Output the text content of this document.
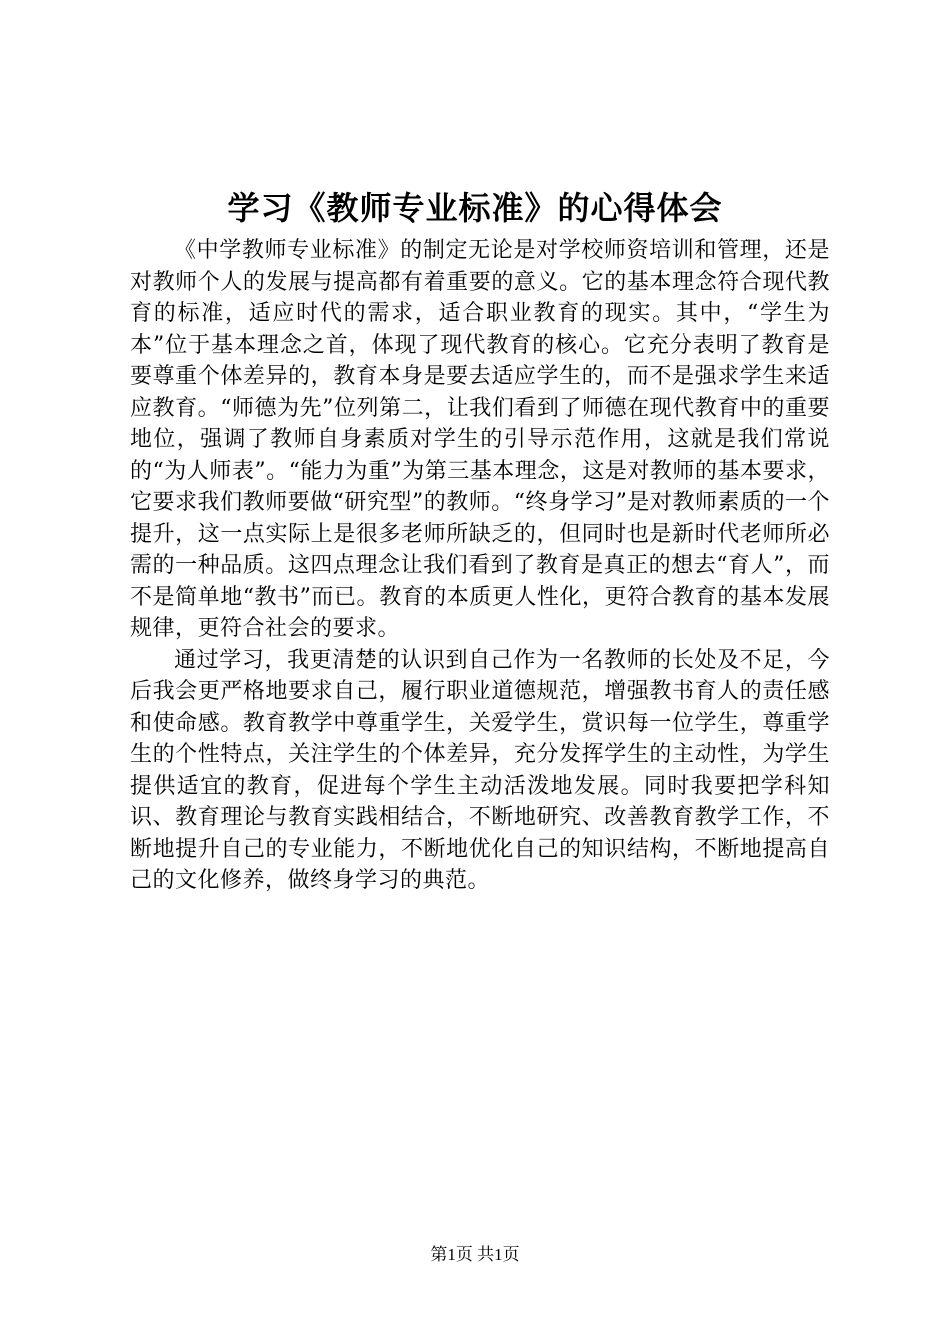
学习《教师专业标准》的心得体会

《中学教师专业标准》的制定无论是对学校师资培训和管理，还是对教师个人的发展与提高都有着重要的意义。它的基本理念符合现代教育的标准，适应时代的需求，适合职业教育的现实。其中，“学生为本”位于基本理念之首，体现了现代教育的核心。它充分表明了教育是要尊重个体差异的，教育本身是要去适应学生的，而不是强求学生来适应教育。“师德为先”位列第二，让我们看到了师德在现代教育中的重要地位，强调了教师自身素质对学生的引导示范作用，这就是我们常说的“为人师表”。“能力为重”为第三基本理念，这是对教师的基本要求，它要求我们教师要做“研究型”的教师。“终身学习”是对教师素质的一个提升，这一点实际上是很多老师所缺乏的，但同时也是新时代老师所必需的一种品质。这四点理念让我们看到了教育是真正的想去“育人”，而不是简单地“教书”而已。教育的本质更人性化，更符合教育的基本发展规律，更符合社会的要求。

通过学习，我更清楚的认识到自己作为一名教师的长处及不足，今后我会更严格地要求自己，履行职业道德规范，增强教书育人的责任感和使命感。教育教学中尊重学生，关爱学生，赏识每一位学生，尊重学生的个性特点，关注学生的个体差异，充分发挥学生的主动性，为学生提供适宜的教育，促进每个学生主动活泼地发展。同时我要把学科知识、教育理论与教育实践相结合，不断地研究、改善教育教学工作，不断地提升自己的专业能力，不断地优化自己的知识结构，不断地提高自己的文化修养，做终身学习的典范。

第1页 共1页
